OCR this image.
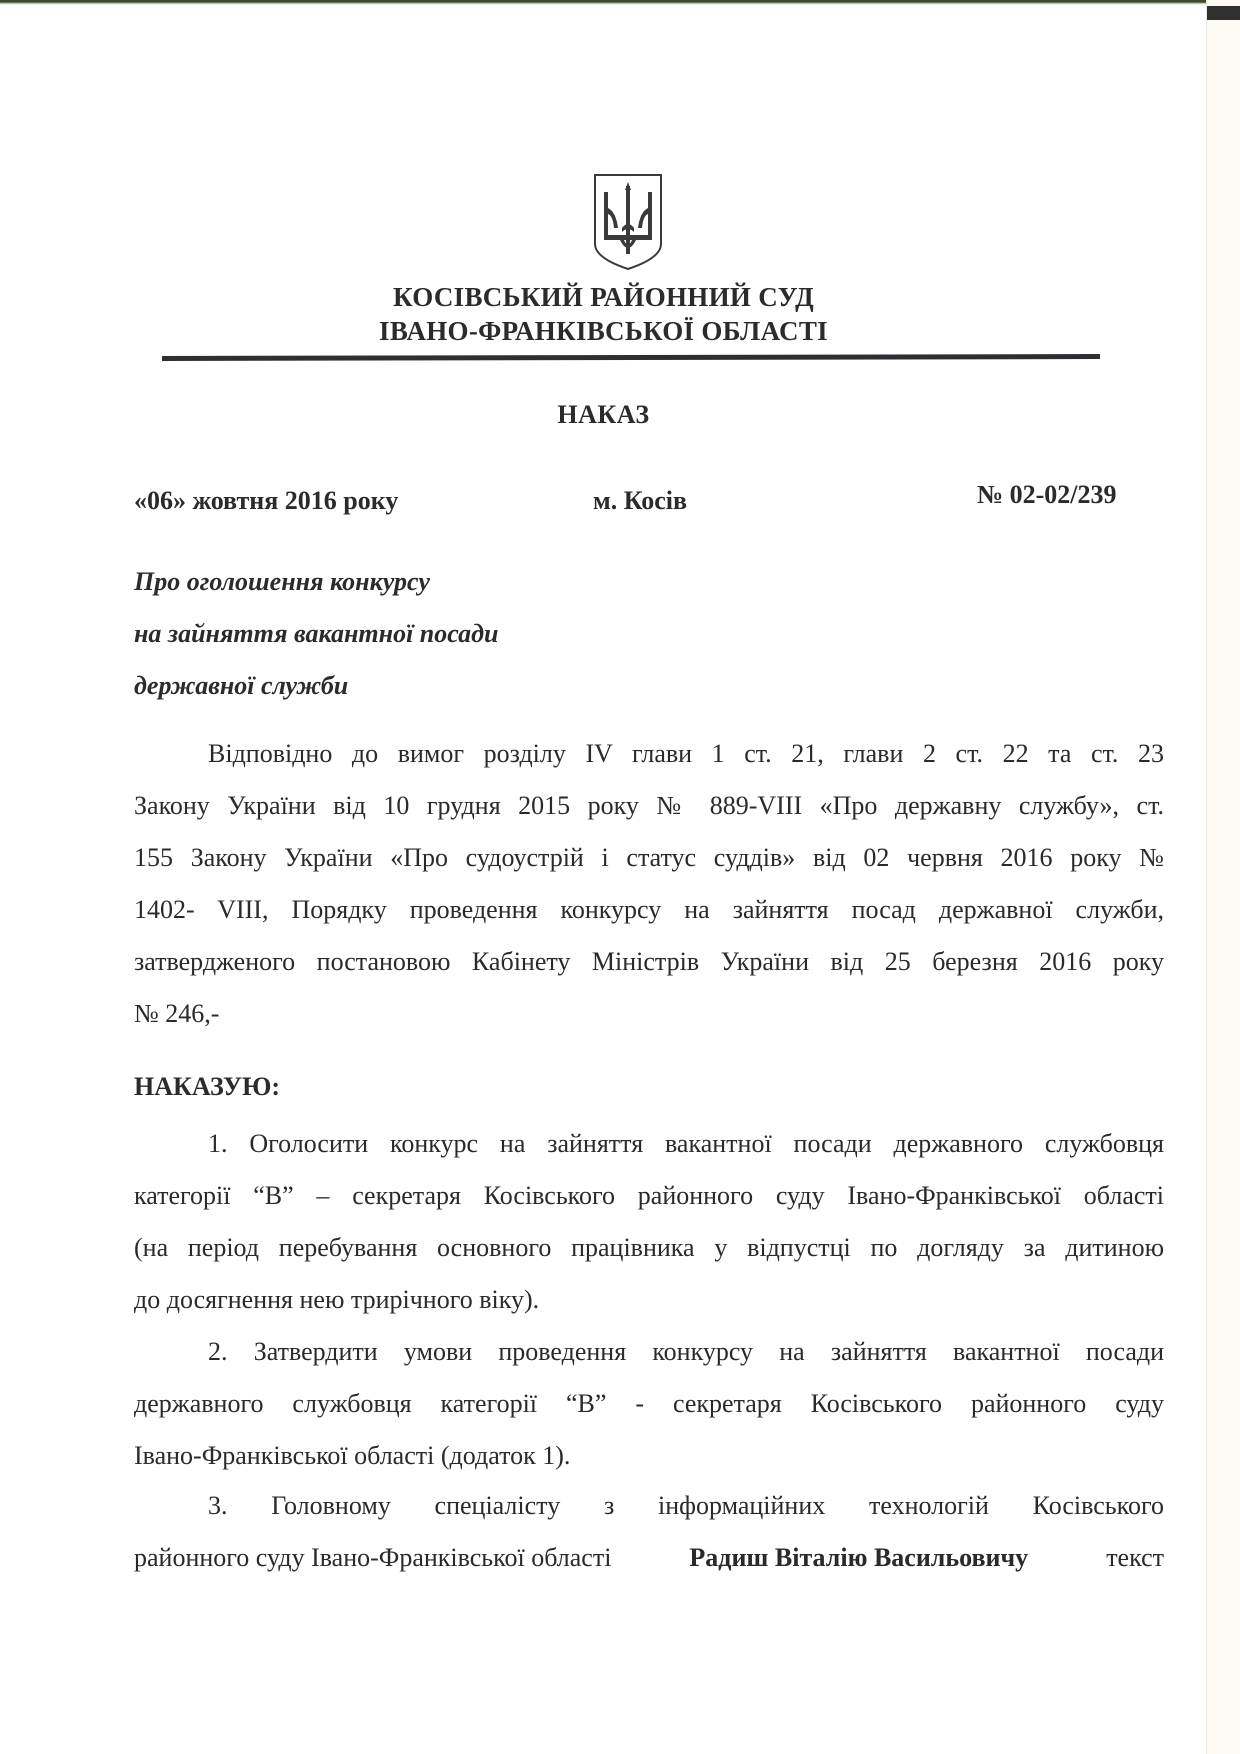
КОСІВСЬКИЙ РАЙОННИЙ СУД
ІВАНО-ФРАНКІВСЬКОЇ ОБЛАСТІ
НАКАЗ
«06» жовтня 2016 року	м. Косів	№ 02-02/239
Про оголошення конкурсу
на зайняття вакантної посади
державної служби
Відповідно до вимог розділу IV глави 1 ст. 21, глави 2 ст. 22 та ст. 23
Закону України від 10 грудня 2015 року № 889-VIII «Про державну службу», ст.
155 Закону України «Про судоустрій і статус суддів» від 02 червня 2016 року №
1402- VIII, Порядку проведення конкурсу на зайняття посад державної служби,
затвердженого постановою Кабінету Міністрів України від 25 березня 2016 року
№ 246,-
НАКАЗУЮ:
1. Оголосити конкурс на зайняття вакантної посади державного службовця
категорії “В” – секретаря Косівського районного суду Івано-Франківської області
(на період перебування основного працівника у відпустці по догляду за дитиною
до досягнення нею трирічного віку).
2. Затвердити умови проведення конкурсу на зайняття вакантної посади
державного службовця категорії “В” - секретаря Косівського районного суду
Івано-Франківської області (додаток 1).
3. Головному спеціалісту з інформаційних технологій Косівського
районного суду Івано-Франківської області	Радиш Віталію Васильовичу	текст
